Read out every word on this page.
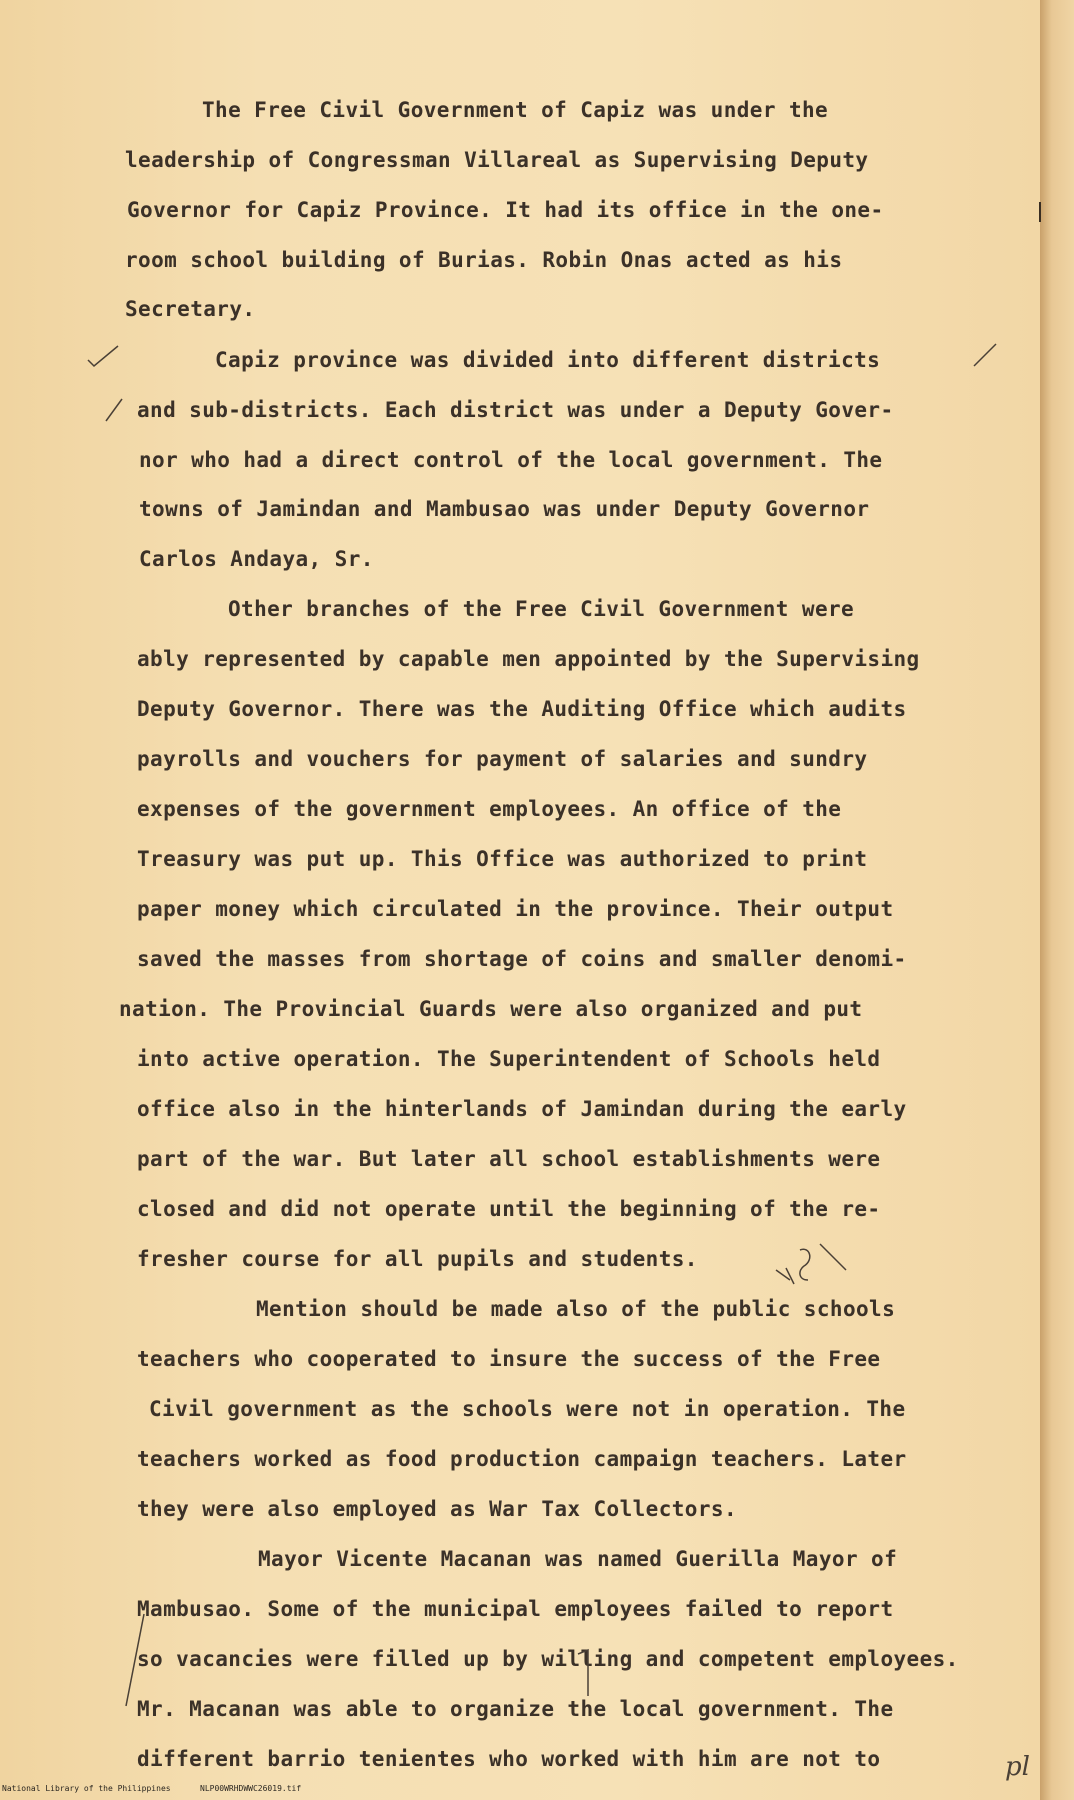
The Free Civil Government of Capiz was under the

leadership of Congressman Villareal as Supervising Deputy

Governor for Capiz Province. It had its office in the one-

room school building of Burias. Robin Onas acted as his

Secretary.

Capiz province was divided into different districts

and sub-districts. Each district was under a Deputy Gover-

nor who had a direct control of the local government. The

towns of Jamindan and Mambusao was under Deputy Governor

Carlos Andaya, Sr.

Other branches of the Free Civil Government were

ably represented by capable men appointed by the Supervising

Deputy Governor. There was the Auditing Office which audits

payrolls and vouchers for payment of salaries and sundry

expenses of the government employees. An office of the

Treasury was put up. This Office was authorized to print

paper money which circulated in the province. Their output

saved the masses from shortage of coins and smaller denomi-

nation. The Provincial Guards were also organized and put

into active operation. The Superintendent of Schools held

office also in the hinterlands of Jamindan during the early

part of the war. But later all school establishments were

closed and did not operate until the beginning of the re-

fresher course for all pupils and students.

Mention should be made also of the public schools

teachers who cooperated to insure the success of the Free

Civil government as the schools were not in operation. The

teachers worked as food production campaign teachers. Later

they were also employed as War Tax Collectors.

Mayor Vicente Macanan was named Guerilla Mayor of

Mambusao. Some of the municipal employees failed to report

so vacancies were filled up by willing and competent employees.

Mr. Macanan was able to organize the local government. The

different barrio tenientes who worked with him are not to	pl
National Library of the Philippines	NLP00WRHDWWC26019.tif
